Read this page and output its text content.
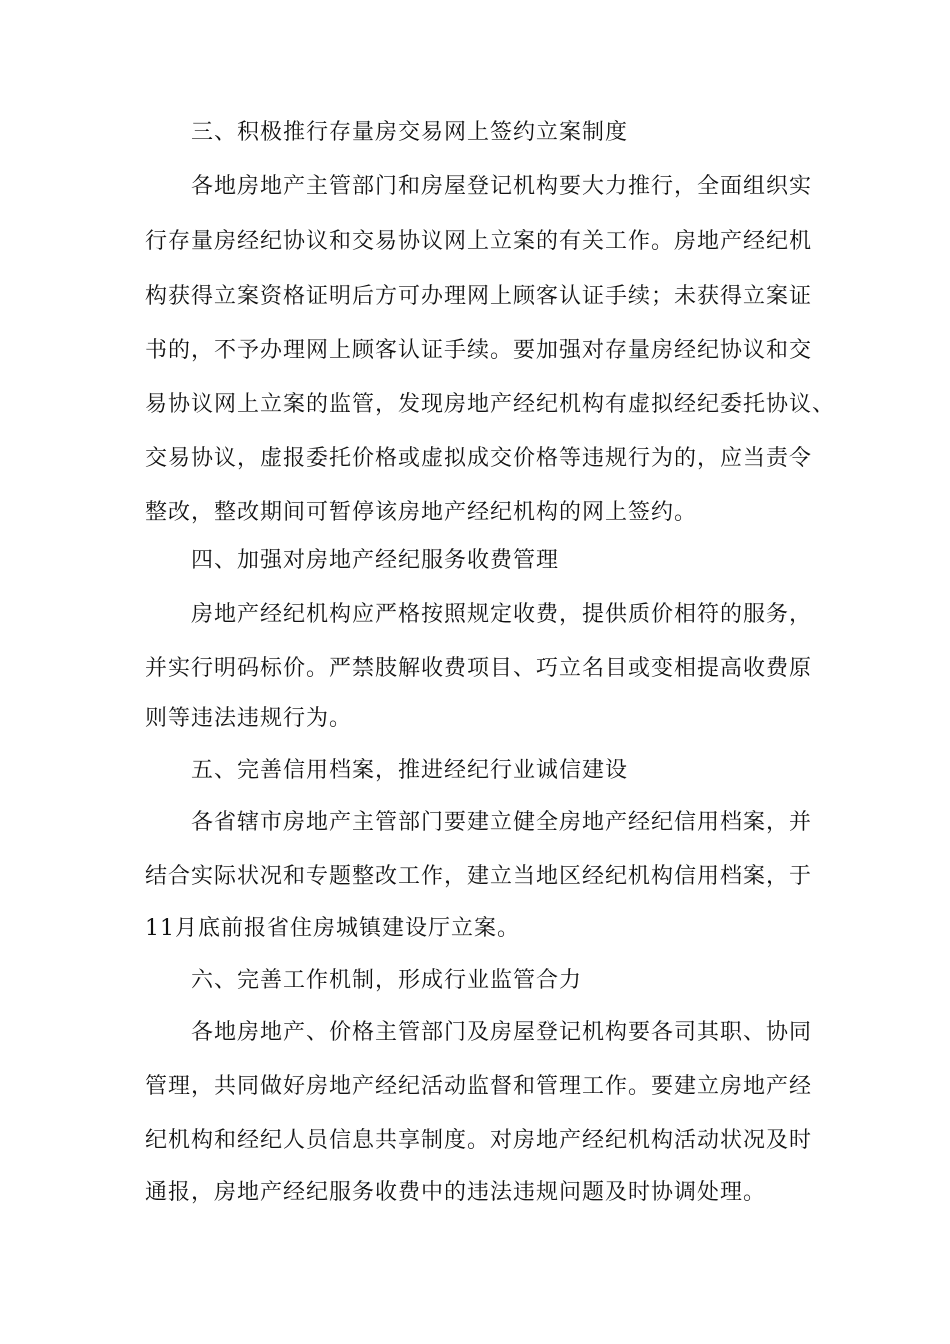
三、积极推行存量房交易网上签约立案制度
各地房地产主管部门和房屋登记机构要大力推行，全面组织实
行存量房经纪协议和交易协议网上立案的有关工作。房地产经纪机
构获得立案资格证明后方可办理网上顾客认证手续；未获得立案证
书的，不予办理网上顾客认证手续。要加强对存量房经纪协议和交
易协议网上立案的监管，发现房地产经纪机构有虚拟经纪委托协议、
交易协议，虚报委托价格或虚拟成交价格等违规行为的，应当责令
整改，整改期间可暂停该房地产经纪机构的网上签约。
四、加强对房地产经纪服务收费管理
房地产经纪机构应严格按照规定收费，提供质价相符的服务，
并实行明码标价。严禁肢解收费项目、巧立名目或变相提高收费原
则等违法违规行为。
五、完善信用档案，推进经纪行业诚信建设
各省辖市房地产主管部门要建立健全房地产经纪信用档案，并
结合实际状况和专题整改工作，建立当地区经纪机构信用档案，于
11月底前报省住房城镇建设厅立案。
六、完善工作机制，形成行业监管合力
各地房地产、价格主管部门及房屋登记机构要各司其职、协同
管理，共同做好房地产经纪活动监督和管理工作。要建立房地产经
纪机构和经纪人员信息共享制度。对房地产经纪机构活动状况及时
通报，房地产经纪服务收费中的违法违规问题及时协调处理。
